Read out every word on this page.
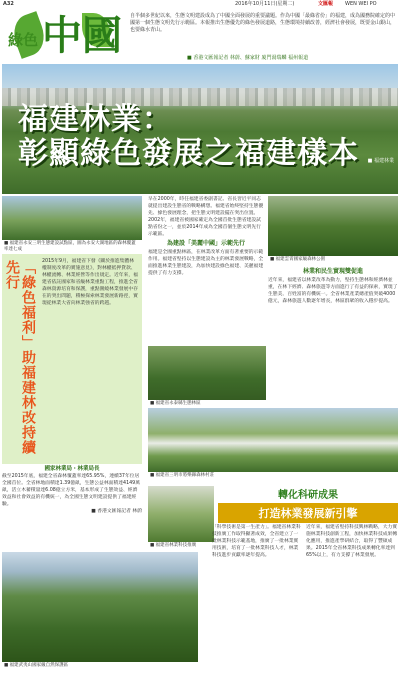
A32	2016年10月11日(星期二)	文匯報 WEN WEI PO
綠色 中國 自半個多世紀以來，生態文明建設成為了中國全面發展的重要議題。作為中國「最綠省份」的福建，成為國務院確定的中國第一個生態文明先行示範區。本報推出生態優先的綠色發展道路，生態環境持續改善，經濟社會發展，既要金山銀山，也要綠水青山。
■ 香港文匯報記者 林蔚、蘇家財 廈門湯瑞麟 福州報道
福建林業：
彰顯綠色發展之福建樣本 ■ 福建林業
■ 福建省永安三明生態建設試點區，圖為永安大湖地區的森林覆蓋率達七成
「綠色福利」助福建林改持續先行	2015年9月，福建省下發《關於推進集體林權制度改革的實施意見》，對林權抵押貸款、林權流轉、林業經營等作出規定。近年來，福建省依託國家和省級林業重點工程，推進全省森林資源培育和保護，重點圍繞林業發展中存在的突出問題，積極探索林業發展新路徑，實現從林業大省向林業強省的跨越。
國家林業局・林業局長
截至2015年底，福建全省森林覆蓋率達65.95%，連續37年位居全國首位。全省林地面積達1.39億畝，生態公益林面積達4149萬畝，活立木蓄積量達6.08億立方米，基本形成了生態效益、經濟效益和社會效益的有機統一，為全國生態文明建設提供了福建經驗。
■ 香港文匯報記者 林蔚
早在2000年，時任福建省委副書記、省長習近平同志就提出建設生態省的戰略構想。福建省始終堅持生態優先、綠色發展理念，把生態文明建設擺在突出位置。2002年，福建省被國家確定為全國首批生態省建設試點省份之一，並於2014年成為全國首個生態文明先行示範區。
為建設「美麗中國」示範先行
福建是全國重點林區，在林業改革方面有著重要的示範作用。福建省堅持以生態建設為主的林業發展戰略，全面推進林業生態建設，為加快建設綠色福建、美麗福建提供了有力支撐。
■ 福建雲霄國家級森林公園
林業和民生實現雙促進
近年來，福建省以林業改革為動力，堅持生態林和經濟林並重，在林下經濟、森林旅遊等方面進行了有益的探索，實現了生態美、百姓富的有機統一。全省林業產業總產值突破4000億元，森林旅遊人數逐年增長，林區群眾的收入穩步提高。
■ 福建省永泰縣生態林區
■ 福建省三明市將樂縣森林村莊
轉化科研成果
打造林業發展新引擎
■ 福建省林業科技推廣
■ 福建武夷山國家級自然保護區
「科學技術是第一生產力」。福建省林業科技推廣工作取得顯著成效，全省建立了一批林業科技示範基地，推廣了一批林業實用技術，培育了一批林業科技人才，林業科技進步貢獻率逐年提高。
近年來，福建省堅持科技興林戰略，大力實施林業科技創新工程，加快林業科技成果轉化應用，推進產學研結合，取得了豐碩成果。2015年全省林業科技成果轉化率達到65%以上，有力支撐了林業發展。
